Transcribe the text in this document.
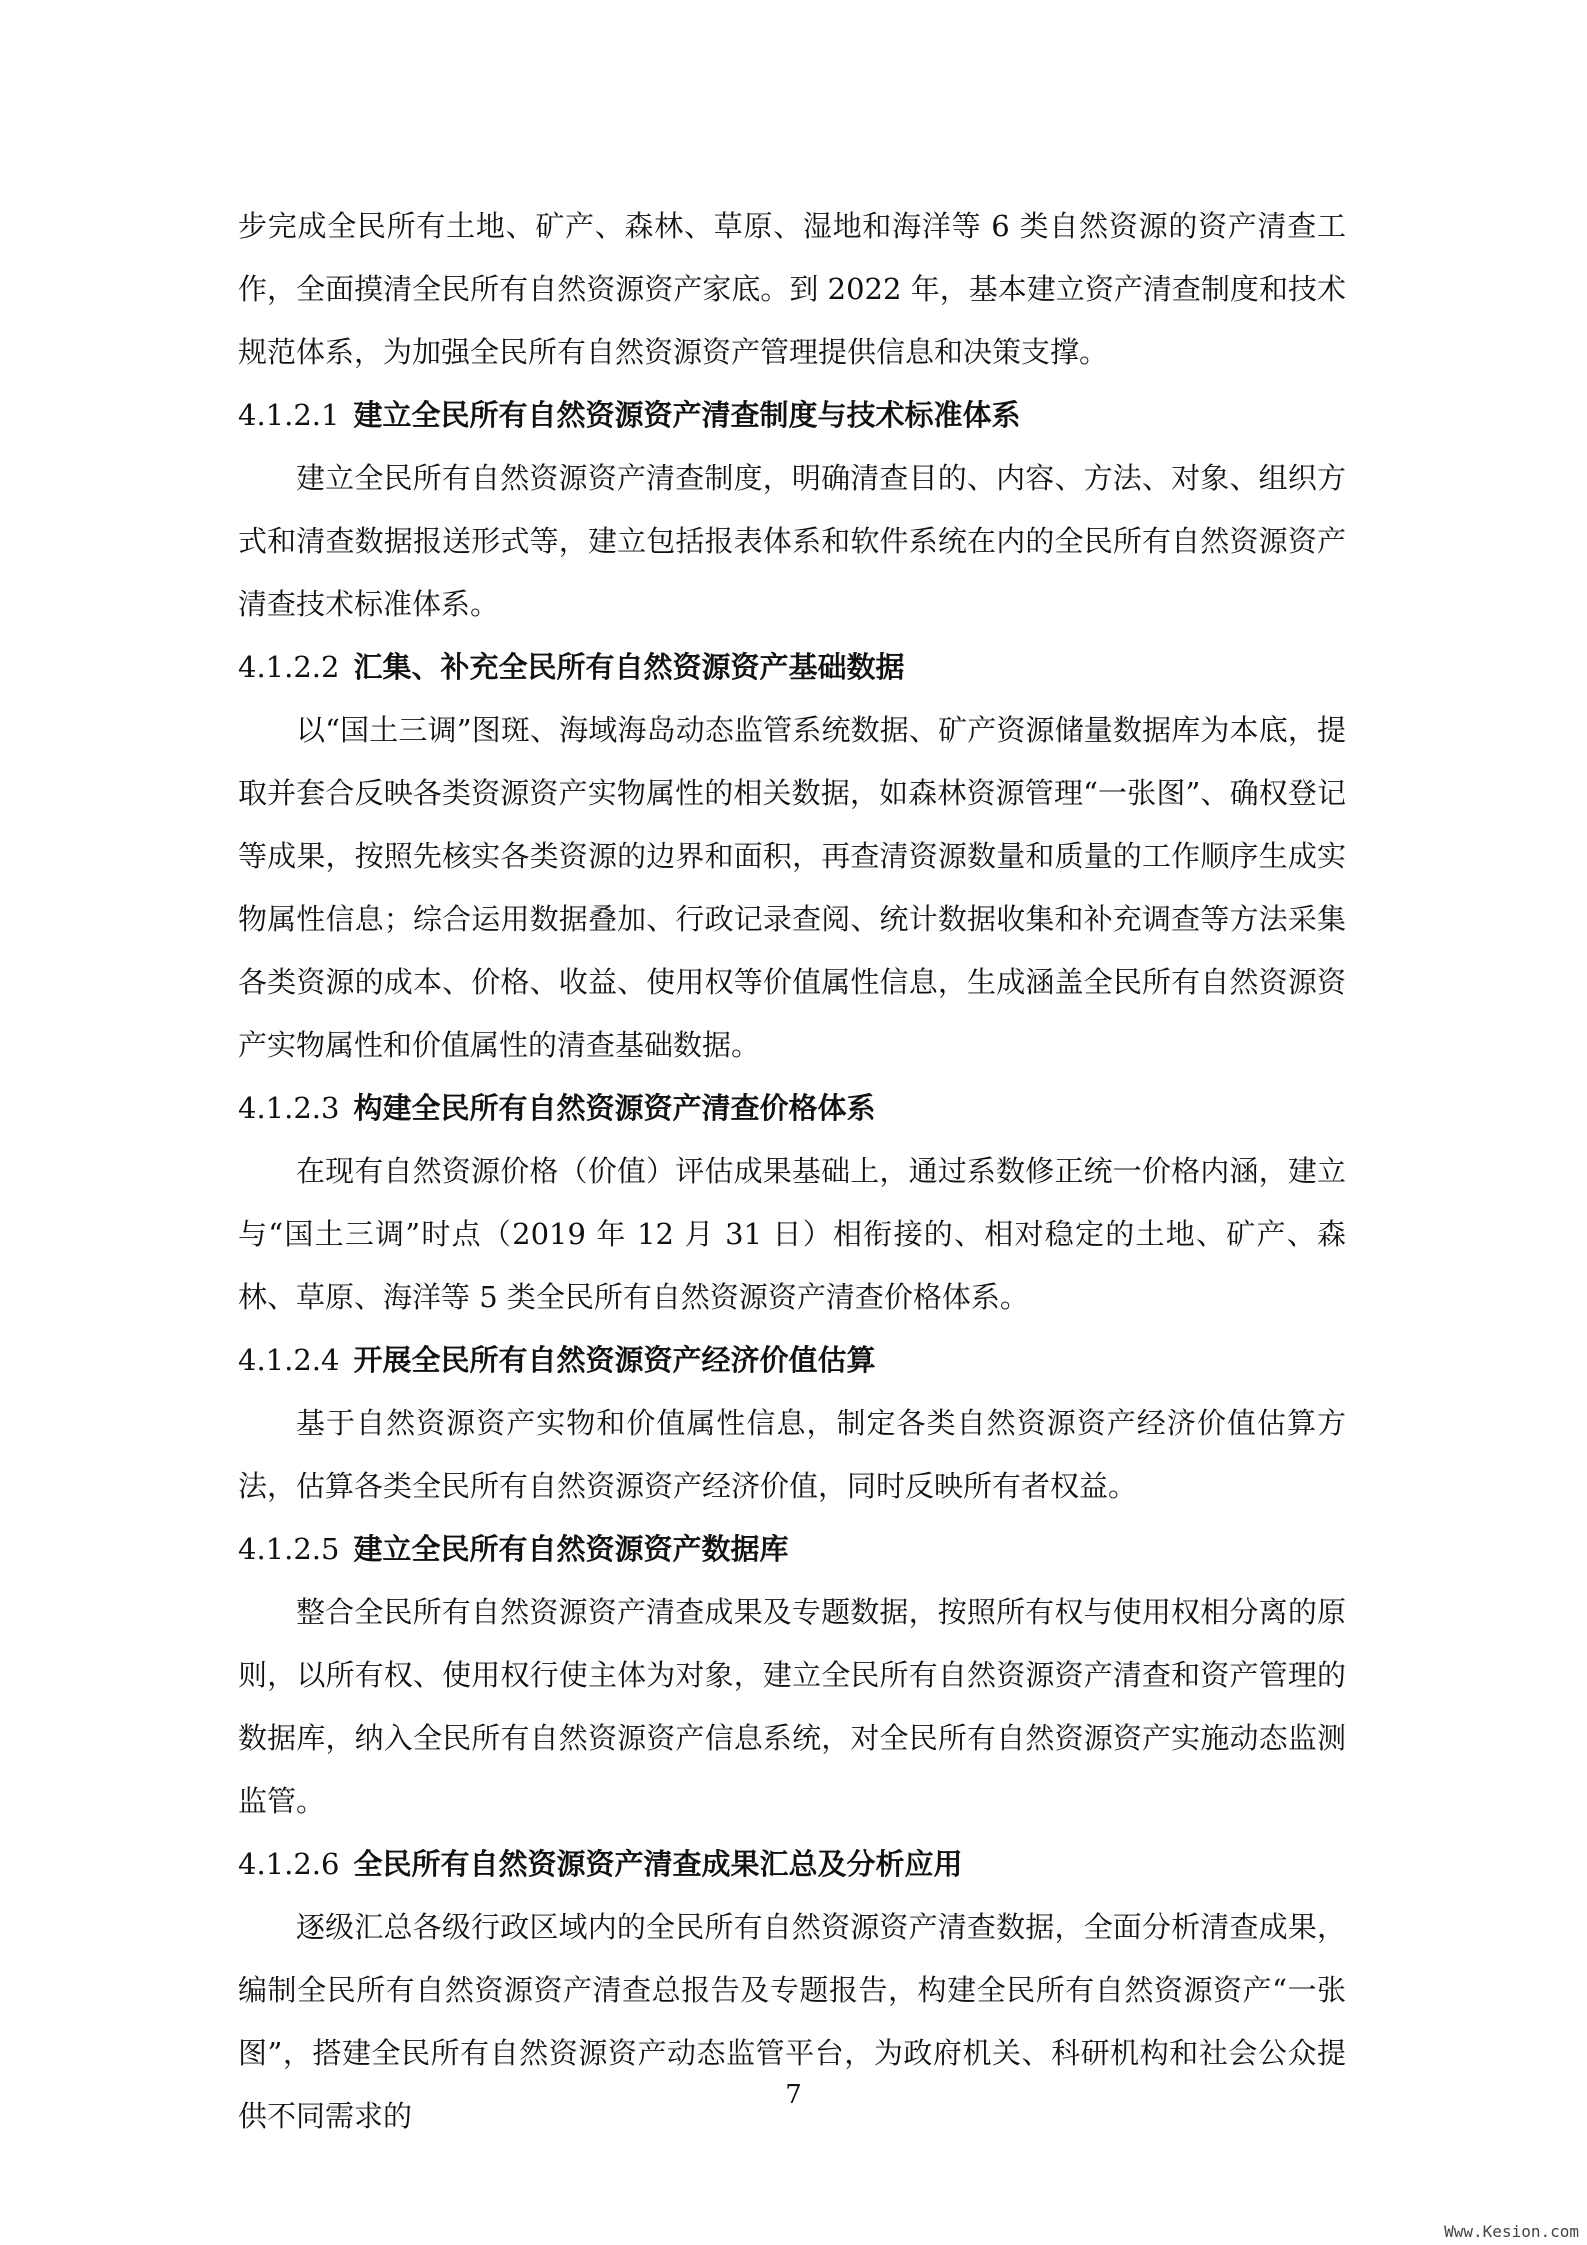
步完成全民所有土地、矿产、森林、草原、湿地和海洋等 6 类自然资源的资产清查工作，全面摸清全民所有自然资源资产家底。到 2022 年，基本建立资产清查制度和技术规范体系，为加强全民所有自然资源资产管理提供信息和决策支撑。

4.1.2.1 建立全民所有自然资源资产清查制度与技术标准体系

建立全民所有自然资源资产清查制度，明确清查目的、内容、方法、对象、组织方式和清查数据报送形式等，建立包括报表体系和软件系统在内的全民所有自然资源资产清查技术标准体系。

4.1.2.2 汇集、补充全民所有自然资源资产基础数据

以“国土三调”图斑、海域海岛动态监管系统数据、矿产资源储量数据库为本底，提取并套合反映各类资源资产实物属性的相关数据，如森林资源管理“一张图”、确权登记等成果，按照先核实各类资源的边界和面积，再查清资源数量和质量的工作顺序生成实物属性信息；综合运用数据叠加、行政记录查阅、统计数据收集和补充调查等方法采集各类资源的成本、价格、收益、使用权等价值属性信息，生成涵盖全民所有自然资源资产实物属性和价值属性的清查基础数据。

4.1.2.3 构建全民所有自然资源资产清查价格体系

在现有自然资源价格（价值）评估成果基础上，通过系数修正统一价格内涵，建立与“国土三调”时点（2019 年 12 月 31 日）相衔接的、相对稳定的土地、矿产、森林、草原、海洋等 5 类全民所有自然资源资产清查价格体系。

4.1.2.4 开展全民所有自然资源资产经济价值估算

基于自然资源资产实物和价值属性信息，制定各类自然资源资产经济价值估算方法，估算各类全民所有自然资源资产经济价值，同时反映所有者权益。

4.1.2.5 建立全民所有自然资源资产数据库

整合全民所有自然资源资产清查成果及专题数据，按照所有权与使用权相分离的原则，以所有权、使用权行使主体为对象，建立全民所有自然资源资产清查和资产管理的数据库，纳入全民所有自然资源资产信息系统，对全民所有自然资源资产实施动态监测监管。

4.1.2.6 全民所有自然资源资产清查成果汇总及分析应用

逐级汇总各级行政区域内的全民所有自然资源资产清查数据，全面分析清查成果，编制全民所有自然资源资产清查总报告及专题报告，构建全民所有自然资源资产“一张图”，搭建全民所有自然资源资产动态监管平台，为政府机关、科研机构和社会公众提供不同需求的

7
Www.Kesion.com
